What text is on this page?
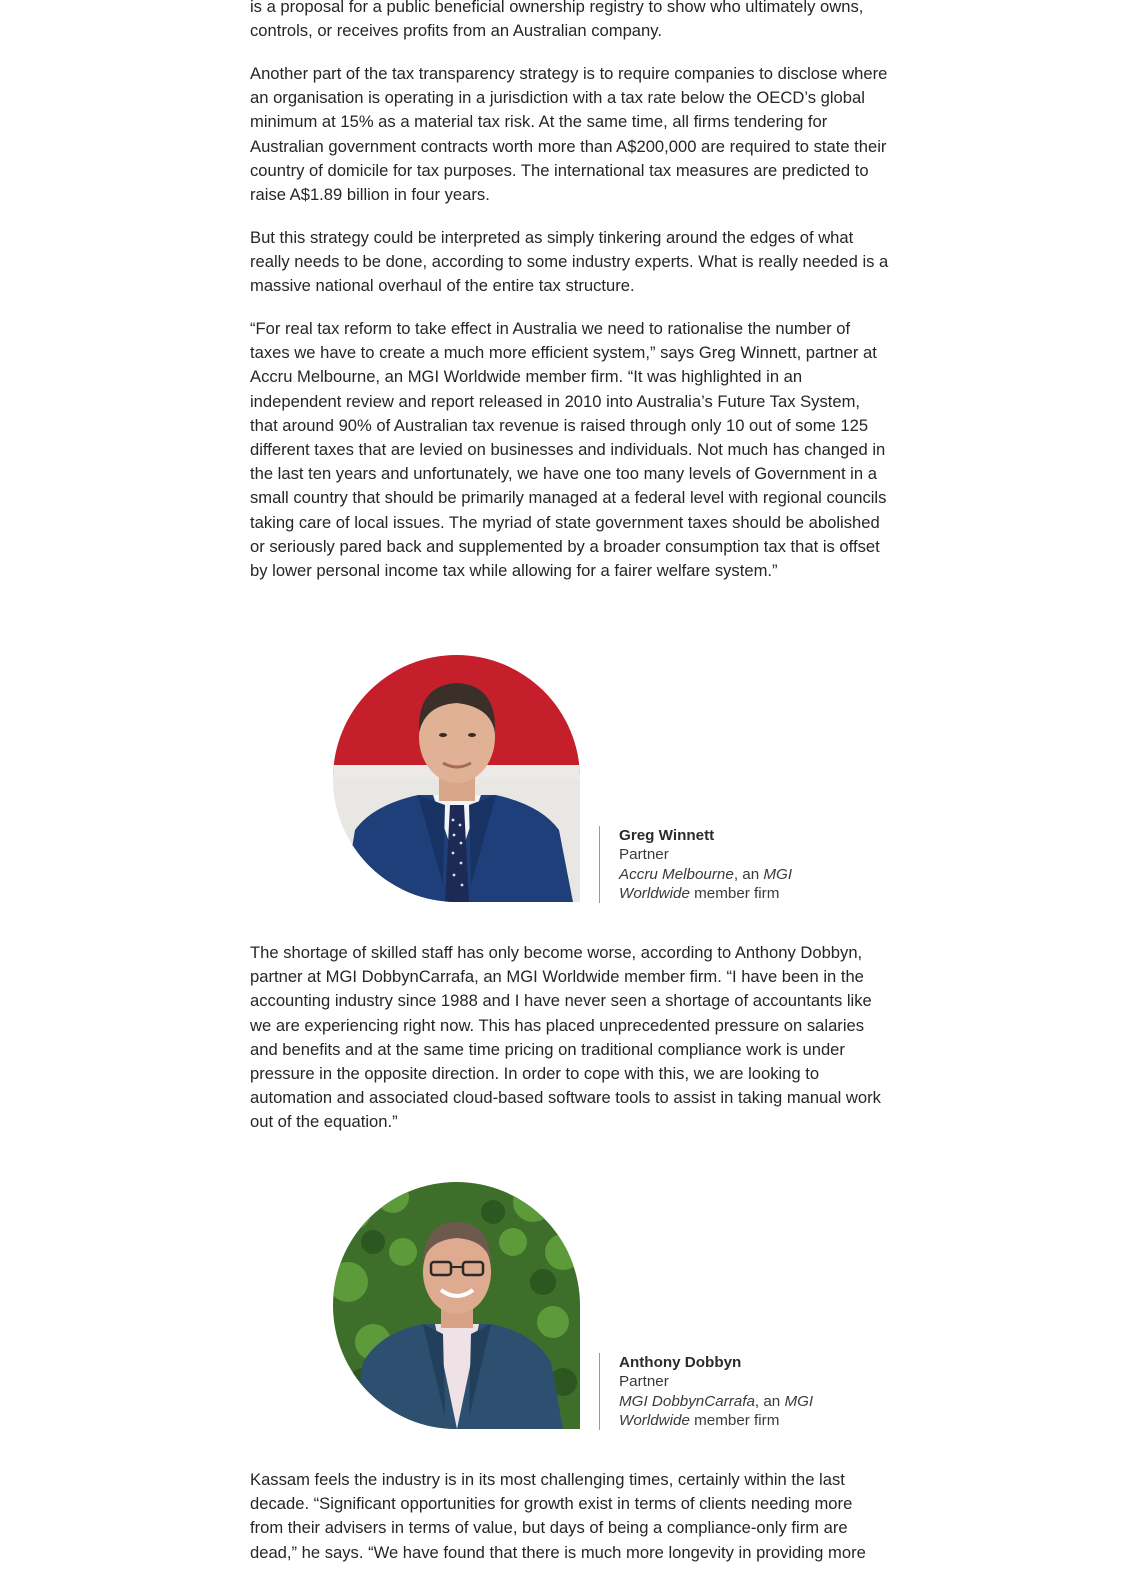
is a proposal for a public beneficial ownership registry to show who ultimately owns, controls, or receives profits from an Australian company.

Another part of the tax transparency strategy is to require companies to disclose where an organisation is operating in a jurisdiction with a tax rate below the OECD’s global minimum at 15% as a material tax risk. At the same time, all firms tendering for Australian government contracts worth more than A$200,000 are required to state their country of domicile for tax purposes. The international tax measures are predicted to raise A$1.89 billion in four years.

But this strategy could be interpreted as simply tinkering around the edges of what really needs to be done, according to some industry experts. What is really needed is a massive national overhaul of the entire tax structure.

“For real tax reform to take effect in Australia we need to rationalise the number of taxes we have to create a much more efficient system,” says Greg Winnett, partner at Accru Melbourne, an MGI Worldwide member firm. “It was highlighted in an independent review and report released in 2010 into Australia’s Future Tax System, that around 90% of Australian tax revenue is raised through only 10 out of some 125 different taxes that are levied on businesses and individuals. Not much has changed in the last ten years and unfortunately, we have one too many levels of Government in a small country that should be primarily managed at a federal level with regional councils taking care of local issues. The myriad of state government taxes should be abolished or seriously pared back and supplemented by a broader consumption tax that is offset by lower personal income tax while allowing for a fairer welfare system.”

Greg Winnett
Partner
Accru Melbourne, an MGI Worldwide member firm

The shortage of skilled staff has only become worse, according to Anthony Dobbyn, partner at MGI DobbynCarrafa, an MGI Worldwide member firm. “I have been in the accounting industry since 1988 and I have never seen a shortage of accountants like we are experiencing right now. This has placed unprecedented pressure on salaries and benefits and at the same time pricing on traditional compliance work is under pressure in the opposite direction. In order to cope with this, we are looking to automation and associated cloud-based software tools to assist in taking manual work out of the equation.”

Anthony Dobbyn
Partner
MGI DobbynCarrafa, an MGI Worldwide member firm

Kassam feels the industry is in its most challenging times, certainly within the last decade. “Significant opportunities for growth exist in terms of clients needing more from their advisers in terms of value, but days of being a compliance-only firm are dead,” he says. “We have found that there is much more longevity in providing more
